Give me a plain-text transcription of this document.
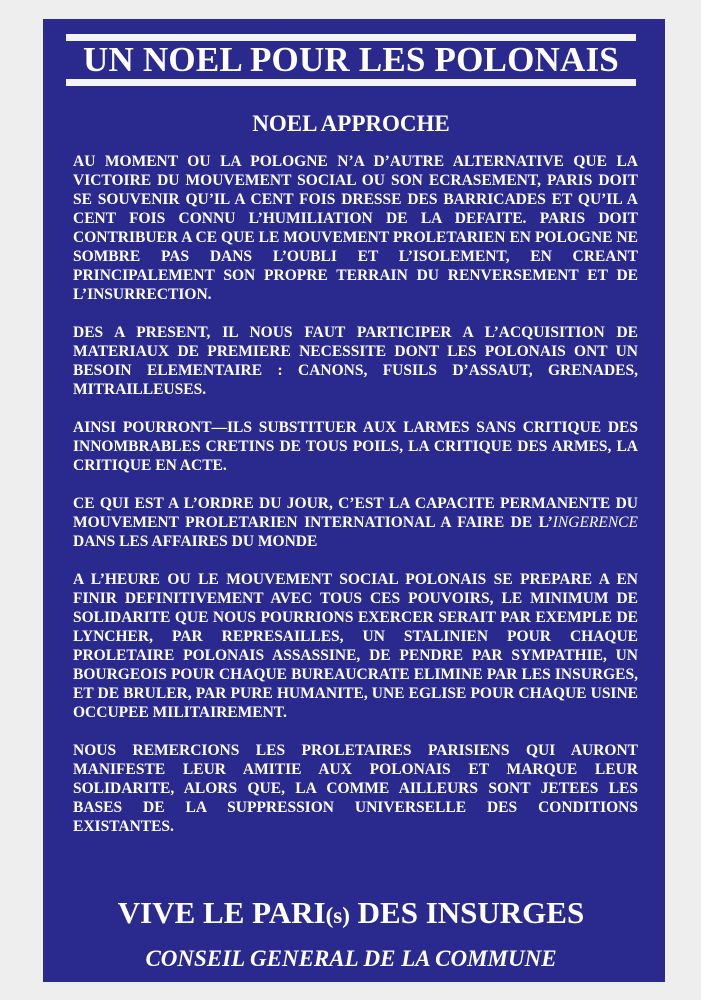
UN NOEL POUR LES POLONAIS
NOEL APPROCHE

AU MOMENT OU LA POLOGNE N’A D’AUTRE ALTERNATIVE QUE LA VICTOIRE DU MOUVEMENT SOCIAL OU SON ECRASEMENT, PARIS DOIT SE SOUVENIR QU’IL A CENT FOIS DRESSE DES BARRICADES ET QU’IL A CENT FOIS CONNU L’HUMILIATION DE LA DEFAITE. PARIS DOIT CONTRIBUER A CE QUE LE MOUVEMENT PROLETARIEN EN POLOGNE NE SOMBRE PAS DANS L’OUBLI ET L’ISOLEMENT, EN CREANT PRINCIPALEMENT SON PROPRE TERRAIN DU RENVERSEMENT ET DE L’INSURRECTION.

DES A PRESENT, IL NOUS FAUT PARTICIPER A L’ACQUISITION DE MATERIAUX DE PREMIERE NECESSITE DONT LES POLONAIS ONT UN BESOIN ELEMENTAIRE : CANONS, FUSILS D’ASSAUT, GRENADES, MITRAILLEUSES.

AINSI POURRONT—ILS SUBSTITUER AUX LARMES SANS CRITIQUE DES INNOMBRABLES CRETINS DE TOUS POILS, LA CRITIQUE DES ARMES, LA CRITIQUE EN ACTE.

CE QUI EST A L’ORDRE DU JOUR, C’EST LA CAPACITE PERMANENTE DU MOUVEMENT PROLETARIEN INTERNATIONAL A FAIRE DE L’INGERENCE DANS LES AFFAIRES DU MONDE

A L’HEURE OU LE MOUVEMENT SOCIAL POLONAIS SE PREPARE A EN FINIR DEFINITIVEMENT AVEC TOUS CES POUVOIRS, LE MINIMUM DE SOLIDARITE QUE NOUS POURRIONS EXERCER SERAIT PAR EXEMPLE DE LYNCHER, PAR REPRESAILLES, UN STALINIEN POUR CHAQUE PROLETAIRE POLONAIS ASSASSINE, DE PENDRE PAR SYMPATHIE, UN BOURGEOIS POUR CHAQUE BUREAUCRATE ELIMINE PAR LES INSURGES, ET DE BRULER, PAR PURE HUMANITE, UNE EGLISE POUR CHAQUE USINE OCCUPEE MILITAIREMENT.

NOUS REMERCIONS LES PROLETAIRES PARISIENS QUI AURONT MANIFESTE LEUR AMITIE AUX POLONAIS ET MARQUE LEUR SOLIDARITE, ALORS QUE, LA COMME AILLEURS SONT JETEES LES BASES DE LA SUPPRESSION UNIVERSELLE DES CONDITIONS EXISTANTES.

VIVE LE PARI(s) DES INSURGES
CONSEIL GENERAL DE LA COMMUNE
